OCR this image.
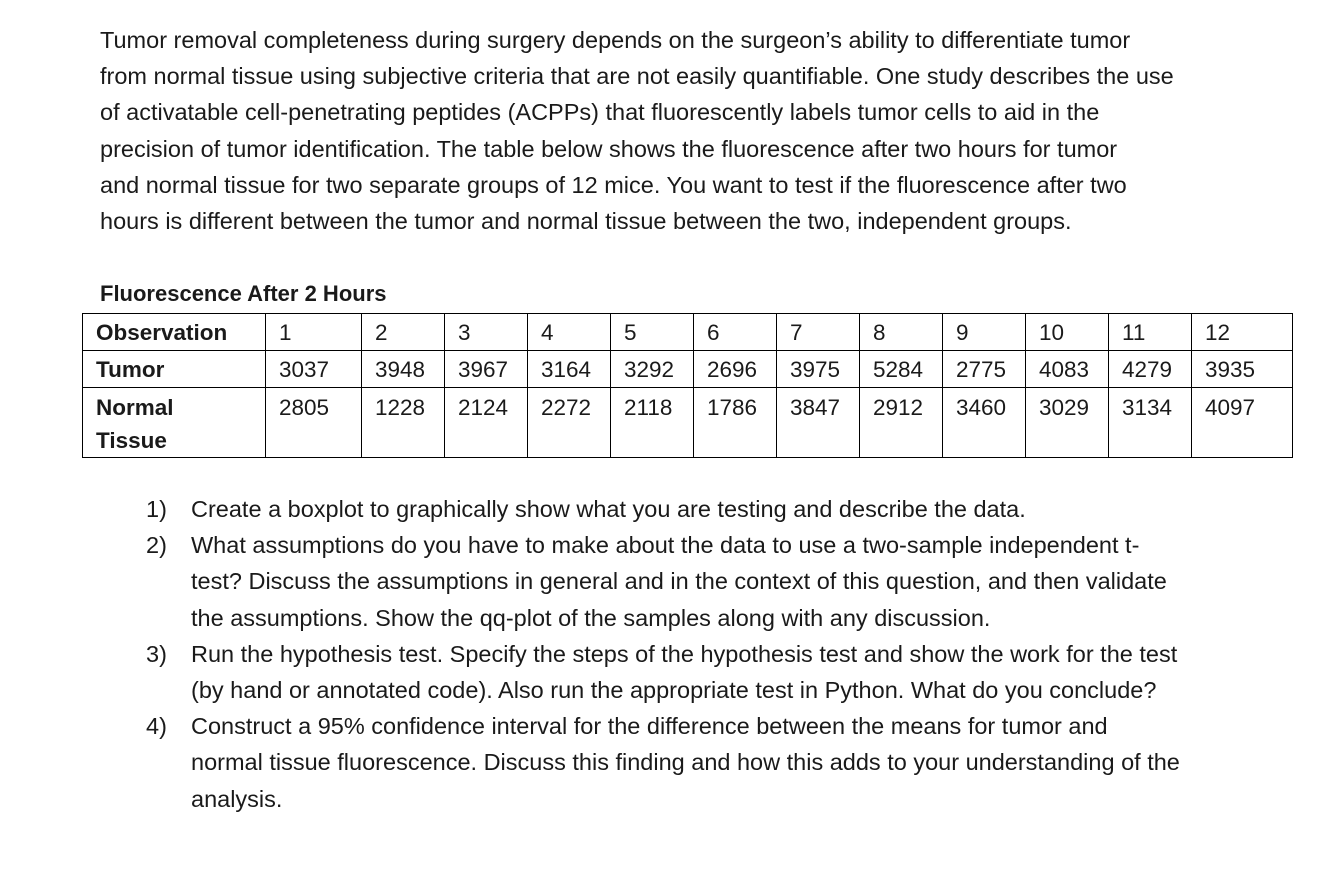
Tumor removal completeness during surgery depends on the surgeon’s ability to differentiate tumor
from normal tissue using subjective criteria that are not easily quantifiable. One study describes the use
of activatable cell-penetrating peptides (ACPPs) that fluorescently labels tumor cells to aid in the
precision of tumor identification. The table below shows the fluorescence after two hours for tumor
and normal tissue for two separate groups of 12 mice. You want to test if the fluorescence after two
hours is different between the tumor and normal tissue between the two, independent groups.

Fluorescence After 2 Hours
Observation	1	2	3	4	5	6	7	8	9	10	11	12
Tumor	3037	3948	3967	3164	3292	2696	3975	5284	2775	4083	4279	3935

Normal
Tissue	2805	1228	2124	2272	2118	1786	3847	2912	3460	3029	3134	4097
1) Create a boxplot to graphically show what you are testing and describe the data.
2) What assumptions do you have to make about the data to use a two-sample independent t-
test? Discuss the assumptions in general and in the context of this question, and then validate
the assumptions. Show the qq-plot of the samples along with any discussion.
3) Run the hypothesis test. Specify the steps of the hypothesis test and show the work for the test
(by hand or annotated code). Also run the appropriate test in Python. What do you conclude?
4) Construct a 95% confidence interval for the difference between the means for tumor and
normal tissue fluorescence. Discuss this finding and how this adds to your understanding of the
analysis.
